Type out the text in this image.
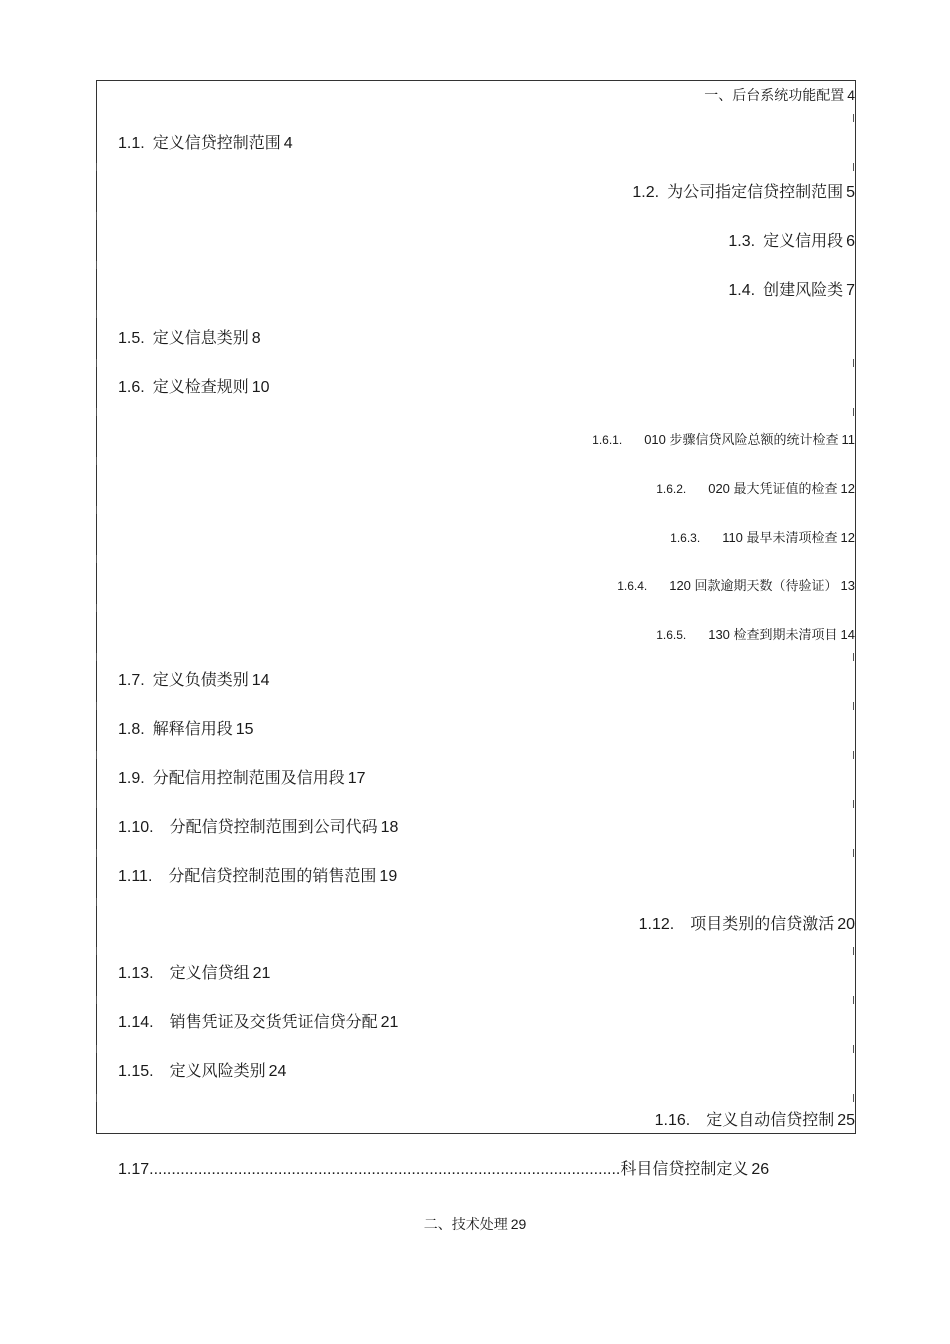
一、后台系统功能配置 4
1.1. 定义信贷控制范围 4
1.2. 为公司指定信贷控制范围 5
1.3. 定义信用段 6
1.4. 创建风险类 7
1.5. 定义信息类别 8
1.6. 定义检查规则 10
1.6.1. 010 步骤信贷风险总额的统计检查 11
1.6.2. 020 最大凭证值的检查 12
1.6.3. 110 最早未清项检查 12
1.6.4. 120 回款逾期天数（待验证） 13
1.6.5. 130 检查到期未清项目 14
1.7. 定义负债类别 14
1.8. 解释信用段 15
1.9. 分配信用控制范围及信用段 17
1.10. 分配信贷控制范围到公司代码 18
1.11. 分配信贷控制范围的销售范围 19
1.12. 项目类别的信贷激活 20
1.13. 定义信贷组 21
1.14. 销售凭证及交货凭证信贷分配 21
1.15. 定义风险类别 24
1.16. 定义自动信贷控制 25
1.17..........................................................................................................科目信贷控制定义 26
二、技术处理 29
